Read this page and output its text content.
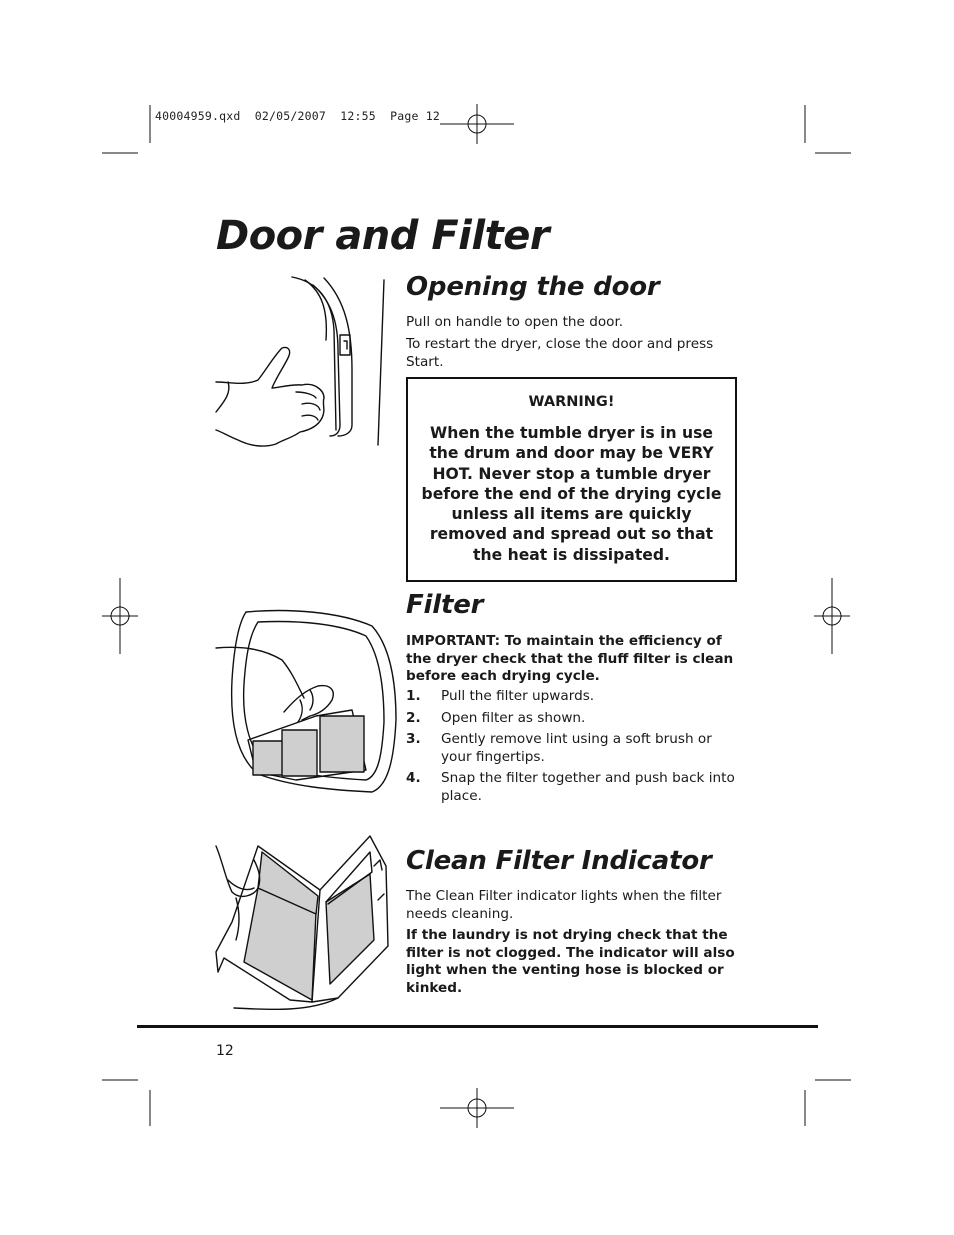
40004959.qxd  02/05/2007  12:55  Page 12
Door and Filter
Opening the door

Pull on handle to open the door.

To restart the dryer, close the door and press Start.

WARNING!
When the tumble dryer is in use the drum and door may be VERY HOT. Never stop a tumble dryer before the end of the drying cycle unless all items are quickly removed and spread out so that the heat is dissipated.
Filter

IMPORTANT: To maintain the efficiency of the dryer check that the fluff filter is clean before each drying cycle.

1. Pull the filter upwards.
2. Open filter as shown.
3. Gently remove lint using a soft brush or your fingertips.
4. Snap the filter together and push back into place.
Clean Filter Indicator

The Clean Filter indicator lights when the filter needs cleaning.

If the laundry is not drying check that the filter is not clogged. The indicator will also light when the venting hose is blocked or kinked.

12
